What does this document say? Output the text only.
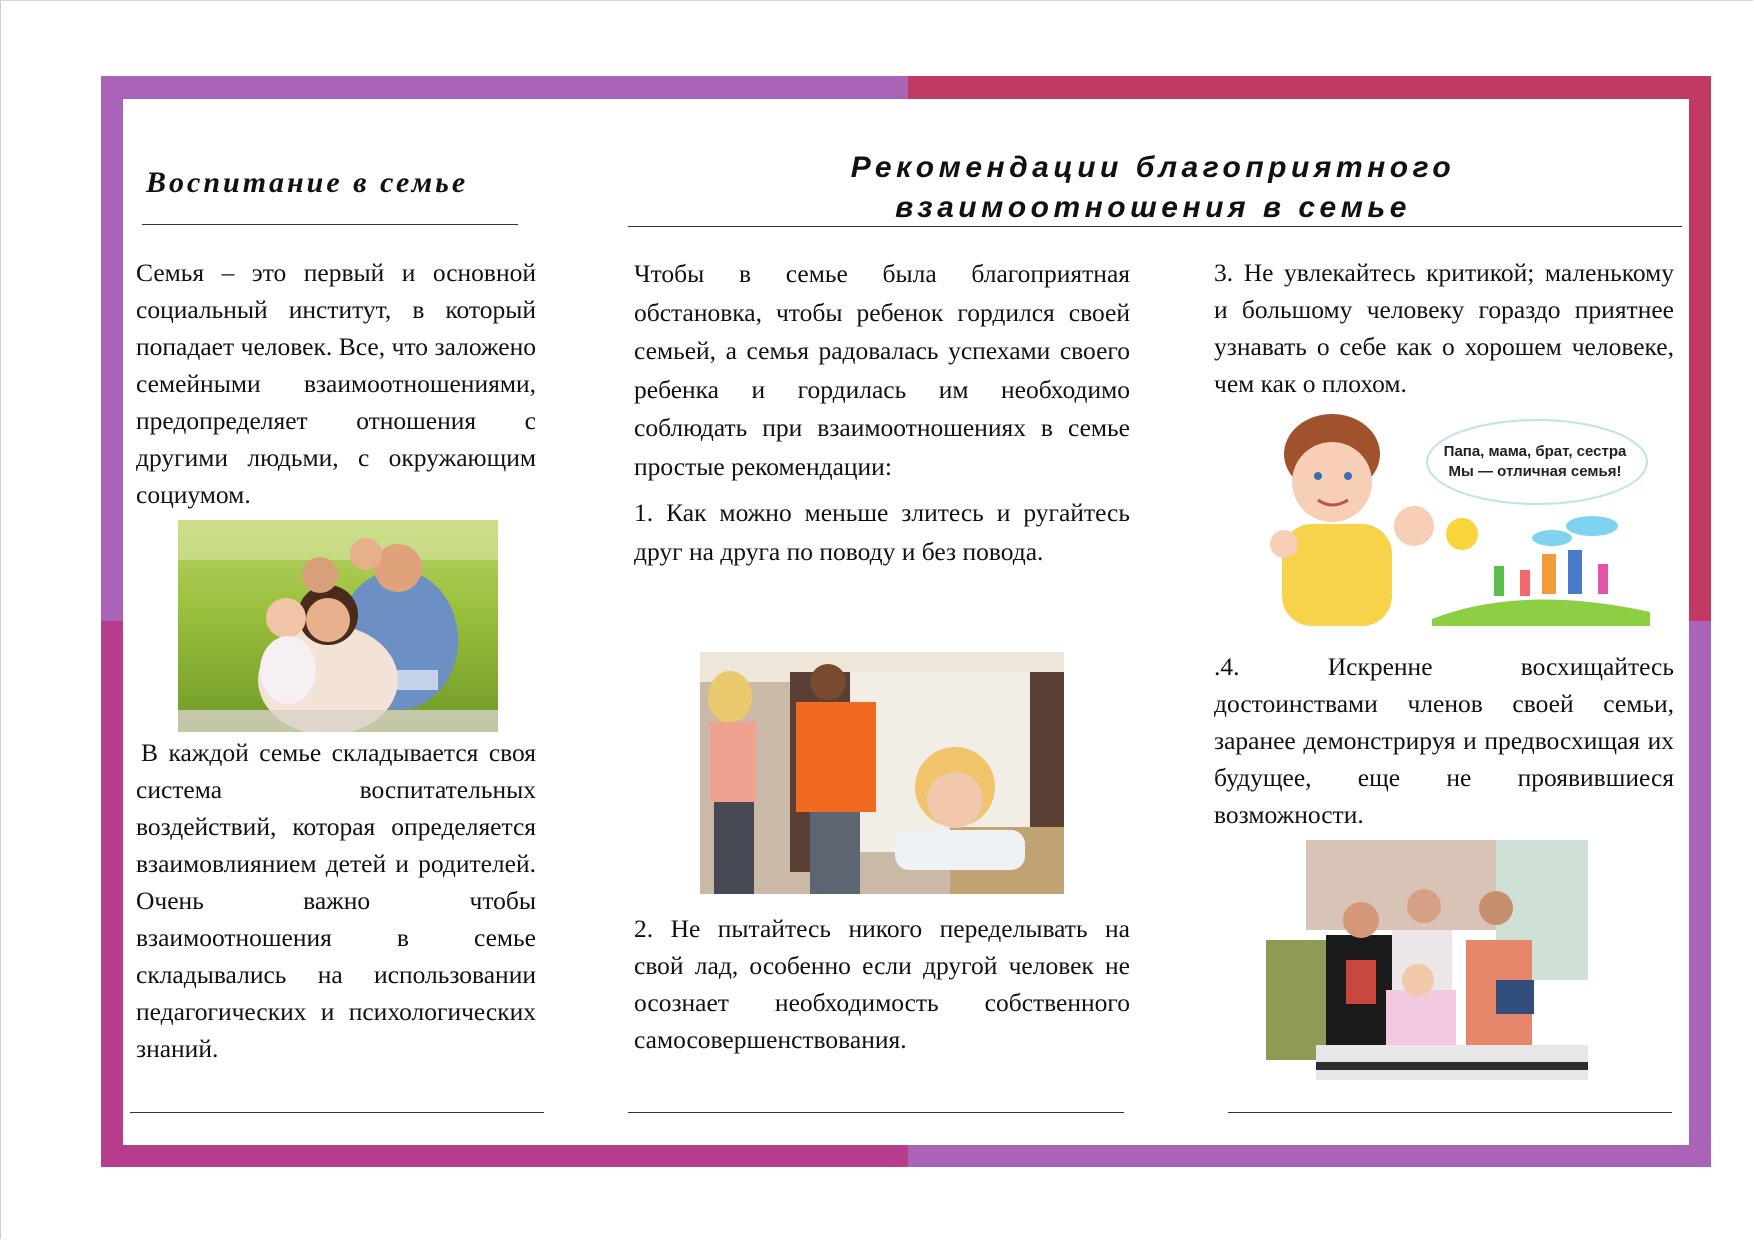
Воспитание в семье

Семья – это первый и основной социальный институт, в который попадает человек. Все, что заложено семейными взаимоотношениями, предопределяет отношения с другими людьми, с окружающим социумом.

В каждой семье складывается своя система воспитательных воздействий, которая определяется взаимовлиянием детей и родителей. Очень важно чтобы взаимоотношения в семье складывались на использовании педагогических и психологических знаний.

Рекомендации благоприятного
взаимоотношения в семье

Чтобы в семье была благоприятная обстановка, чтобы ребенок гордился своей семьей, а семья радовалась успехами своего ребенка и гордилась им необходимо соблюдать при взаимоотношениях в семье простые рекомендации:

1. Как можно меньше злитесь и ругайтесь друг на друга по поводу и без повода.

2. Не пытайтесь никого переделывать на свой лад, особенно если другой человек не осознает необходимость собственного самосовершенствования.

3. Не увлекайтесь критикой; маленькому и большому человеку гораздо приятнее узнавать о себе как о хорошем человеке, чем как о плохом.

Папа, мама, брат, сестра
Мы — отличная семья!

.4. Искренне восхищайтесь достоинствами членов своей семьи, заранее демонстрируя и предвосхищая их будущее, еще не проявившиеся возможности.
